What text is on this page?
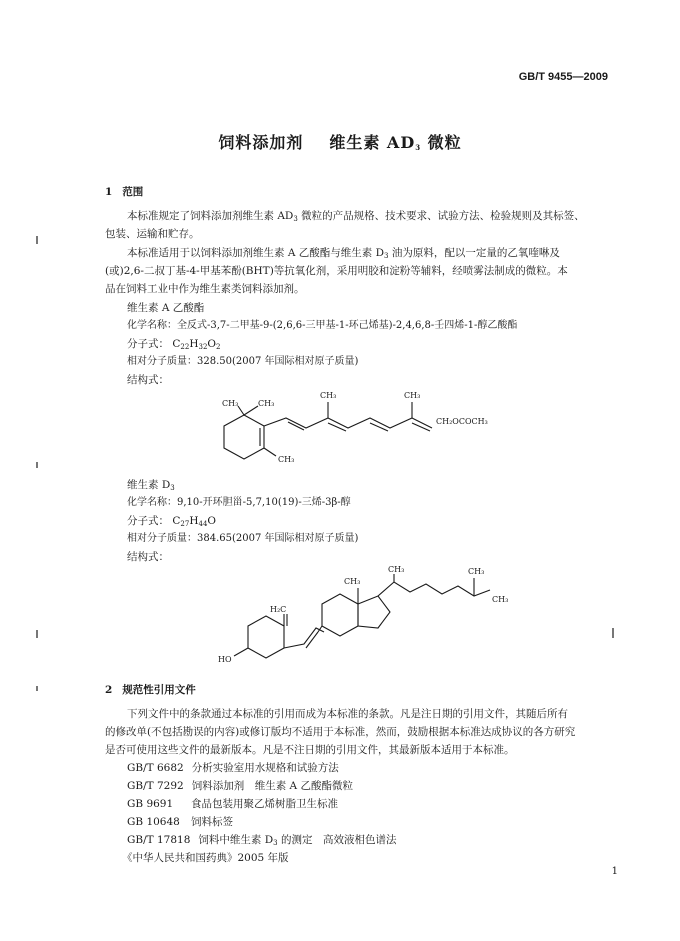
GB/T 9455—2009
饲料添加剂 维生素 $AD_3$ 微粒
1 范围
本标准规定了饲料添加剂维生素 $AD_3$ 微粒的产品规格、技术要求、试验方法、检验规则及其标签、
包装、运输和贮存。
本标准适用于以饲料添加剂维生素 A 乙酸酯与维生素 $D_3$ 油为原料，配以一定量的乙氧喹啉及
(或)2,6-二叔丁基-4-甲基苯酚(BHT)等抗氧化剂，采用明胶和淀粉等辅料，经喷雾法制成的微粒。本
品在饲料工业中作为维生素类饲料添加剂。
维生素 A 乙酸酯
化学名称：全反式-3,7-二甲基-9-(2,6,6-三甲基-1-环己烯基)-2,4,6,8-壬四烯-1-醇乙酸酯
分子式： $C_{22}H_{32}O_2$
相对分子质量：328.50(2007 年国际相对原子质量)
结构式：
CH₃ CH₃
CH₃
CH₃	CH₃
CH₂OCOCH₃
维生素 $D_3$
化学名称：9,10-开环胆甾-5,7,10(19)-三烯-3β-醇
分子式： $C_{27}H_{44}O$
相对分子质量：384.65(2007 年国际相对原子质量)
结构式：
HO
H₂C
CH₃
CH₃	CH₃
CH₃
2 规范性引用文件
下列文件中的条款通过本标准的引用而成为本标准的条款。凡是注日期的引用文件，其随后所有
的修改单(不包括勘误的内容)或修订版均不适用于本标准，然而，鼓励根据本标准达成协议的各方研究
是否可使用这些文件的最新版本。凡是不注日期的引用文件，其最新版本适用于本标准。
GB/T 6682 分析实验室用水规格和试验方法
GB/T 7292 饲料添加剂　维生素 A 乙酸酯微粒
GB 9691 食品包装用聚乙烯树脂卫生标准
GB 10648 饲料标签
GB/T 17818 饲料中维生素 $D_3$ 的测定　高效液相色谱法
《中华人民共和国药典》2005 年版
1
